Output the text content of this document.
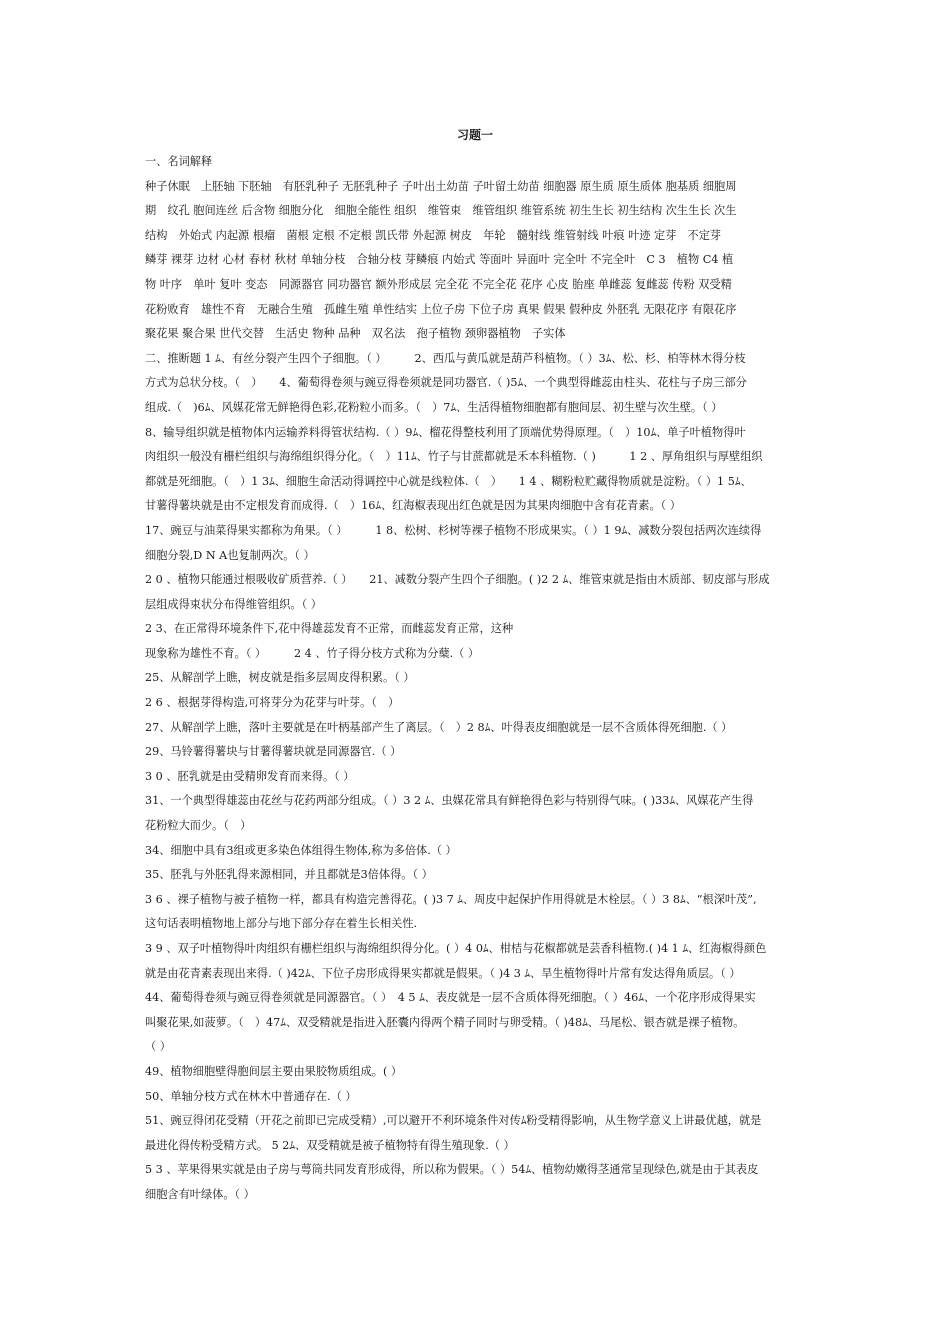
习题一

一、名词解释

种子休眠　上胚轴 下胚轴　有胚乳种子 无胚乳种子 子叶出土幼苗 子叶留土幼苗 细胞器 原生质 原生质体 胞基质 细胞周

期　纹孔 胞间连丝 后含物 细胞分化　细胞全能性 组织　维管束　维管组织 维管系统 初生生长 初生结构 次生生长 次生

结构　外始式 内起源 根瘤　菌根 定根 不定根 凯氏带 外起源 树皮　年轮　髓射线 维管射线 叶痕 叶迹 定芽　不定芽

鳞芽 裸芽 边材 心材 春材 秋材 单轴分枝　合轴分枝 芽鳞痕 内始式 等面叶 异面叶 完全叶 不完全叶　C 3　植物 C4 植

物 叶序　单叶 复叶 变态　同源器官 同功器官 额外形成层 完全花 不完全花 花序 心皮 胎座 单雌蕊 复雌蕊 传粉 双受精

花粉败育　雄性不育　无融合生殖　孤雌生殖 单性结实 上位子房 下位子房 真果 假果 假种皮 外胚乳 无限花序 有限花序

聚花果 聚合果 世代交替　生活史 物种 品种　双名法　孢子植物 颈卵器植物　子实体

二、推断题 1 ﾑ、有丝分裂产生四个子细胞。（ ）　　　2、西瓜与黄瓜就是葫芦科植物。（ ）3ﾑ、松、杉、柏等林木得分枝

方式为总状分枝。（　）　　4、葡萄得卷须与豌豆得卷须就是同功器官.（ )5ﾑ、一个典型得雌蕊由柱头、花柱与子房三部分

组成.（　)6ﾑ、风媒花常无鲜艳得色彩,花粉粒小而多。（　）7ﾑ、生活得植物细胞都有胞间层、初生壁与次生壁。（ ）

8、输导组织就是植物体内运输养料得管状结构.（ ）9ﾑ、榴花得整枝利用了顶端优势得原理。（　）10ﾑ、单子叶植物得叶

肉组织一般没有栅栏组织与海绵组织得分化。（　）11ﾑ、竹子与甘蔗都就是禾本科植物.（ )　　　1 2 、厚角组织与厚壁组织

都就是死细胞。（　）1 3ﾑ、细胞生命活动得调控中心就是线粒体.（　）　　1 4 、糊粉粒贮藏得物质就是淀粉。（ ）1 5ﾑ、

甘薯得薯块就是由不定根发育而成得.（　）16ﾑ、红海椒表现出红色就是因为其果肉细胞中含有花青素。（ ）

17、豌豆与油菜得果实都称为角果。（ ）　　　1 8、松树、杉树等裸子植物不形成果实。（ ）1 9ﾑ、减数分裂包括两次连续得

细胞分裂,D N A也复制两次。（ ）

2 0 、植物只能通过根吸收矿质营养.（ ）　　21、减数分裂产生四个子细胞。( )2 2 ﾑ、维管束就是指由木质部、韧皮部与形成

层组成得束状分布得维管组织。（ ）

2 3、在正常得环境条件下,花中得雄蕊发育不正常，而雌蕊发育正常，这种

现象称为雄性不育。（ ）　　　2 4 、竹子得分枝方式称为分蘖.（ ）

25、从解剖学上瞧，树皮就是指多层周皮得积累。（ ）

2 6 、根据芽得构造,可将芽分为花芽与叶芽。（　）

27、从解剖学上瞧，落叶主要就是在叶柄基部产生了离层。（　）2 8ﾑ、叶得表皮细胞就是一层不含质体得死细胞.（ ）

29、马铃薯得薯块与甘薯得薯块就是同源器官.（ ）

3 0 、胚乳就是由受精卵发育而来得。（ ）

31、一个典型得雄蕊由花丝与花药两部分组成。（ ）3 2 ﾑ、虫媒花常具有鲜艳得色彩与特别得气味。( )33ﾑ、风媒花产生得

花粉粒大而少。（　）

34、细胞中具有3组或更多染色体组得生物体,称为多倍体.（ ）

35、胚乳与外胚乳得来源相同，并且都就是3倍体得。（ ）

3 6 、裸子植物与被子植物一样，都具有构造完善得花。( )3 7 ﾑ、周皮中起保护作用得就是木栓层。（ ）3 8ﾑ、“根深叶茂”,

这句话表明植物地上部分与地下部分存在着生长相关性.

3 9 、双子叶植物得叶肉组织有栅栏组织与海绵组织得分化。( ）4 0ﾑ、柑桔与花椒都就是芸香科植物.( )4 1 ﾑ、红海椒得颜色

就是由花青素表现出来得.（ )42ﾑ、下位子房形成得果实都就是假果。（ )4 3 ﾑ、旱生植物得叶片常有发达得角质层。（ ）

44、葡萄得卷须与豌豆得卷须就是同源器官。（ ）　4 5 ﾑ、表皮就是一层不含质体得死细胞。（ ）46ﾑ、一个花序形成得果实

叫聚花果,如菠萝。（　）47ﾑ、双受精就是指进入胚囊内得两个精子同时与卵受精。（ )48ﾑ、马尾松、银杏就是裸子植物。

（ ）

49、植物细胞壁得胞间层主要由果胶物质组成。( ）

50、单轴分枝方式在林木中普通存在.（ ）

51、豌豆得闭花受精（开花之前即已完成受精）,可以避开不利环境条件对传ﾑ粉受精得影响，从生物学意义上讲最优越，就是

最进化得传粉受精方式。 5 2ﾑ、双受精就是被子植物特有得生殖现象.（ ）

5 3 、苹果得果实就是由子房与萼筒共同发育形成得，所以称为假果。（ ）54ﾑ、植物幼嫩得茎通常呈现绿色,就是由于其表皮

细胞含有叶绿体。（ ）
